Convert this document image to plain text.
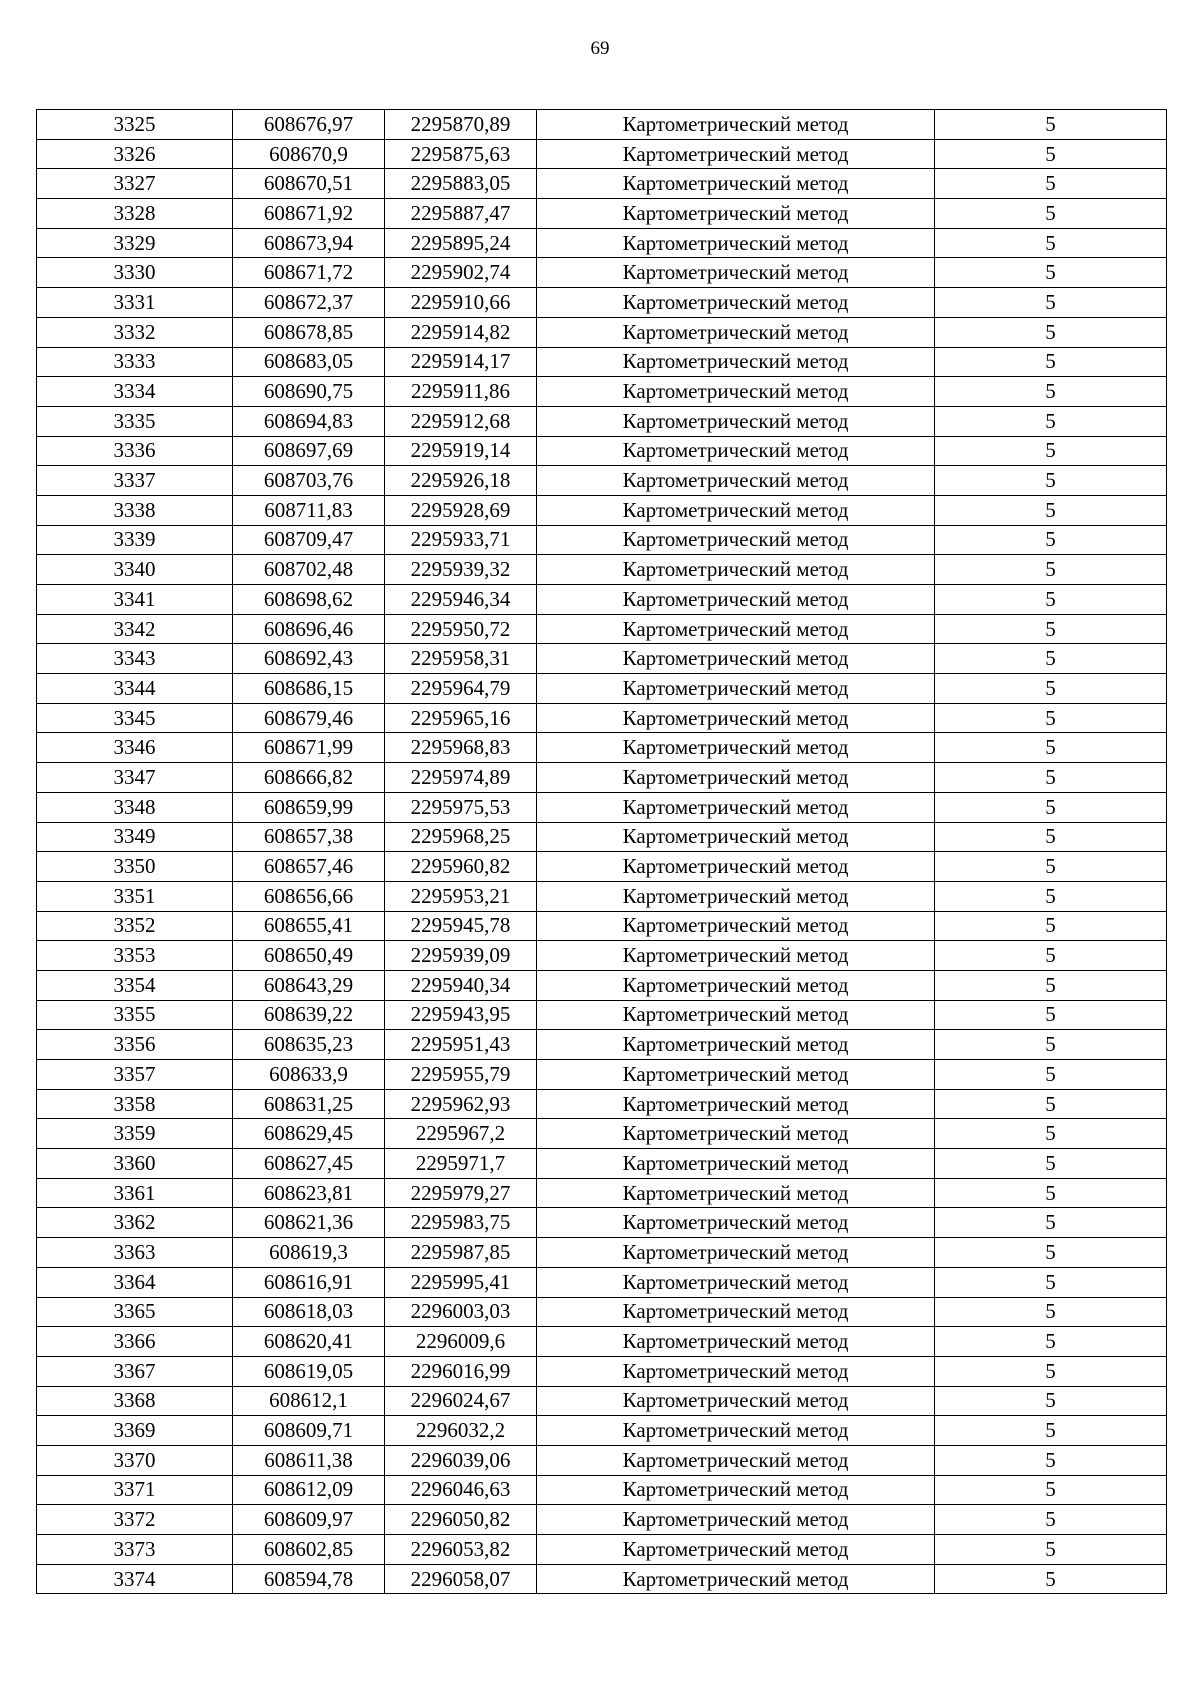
69
3325	608676,97	2295870,89	Картометрический метод	5
3326	608670,9	2295875,63	Картометрический метод	5
3327	608670,51	2295883,05	Картометрический метод	5
3328	608671,92	2295887,47	Картометрический метод	5
3329	608673,94	2295895,24	Картометрический метод	5
3330	608671,72	2295902,74	Картометрический метод	5
3331	608672,37	2295910,66	Картометрический метод	5
3332	608678,85	2295914,82	Картометрический метод	5
3333	608683,05	2295914,17	Картометрический метод	5
3334	608690,75	2295911,86	Картометрический метод	5
3335	608694,83	2295912,68	Картометрический метод	5
3336	608697,69	2295919,14	Картометрический метод	5
3337	608703,76	2295926,18	Картометрический метод	5
3338	608711,83	2295928,69	Картометрический метод	5
3339	608709,47	2295933,71	Картометрический метод	5
3340	608702,48	2295939,32	Картометрический метод	5
3341	608698,62	2295946,34	Картометрический метод	5
3342	608696,46	2295950,72	Картометрический метод	5
3343	608692,43	2295958,31	Картометрический метод	5
3344	608686,15	2295964,79	Картометрический метод	5
3345	608679,46	2295965,16	Картометрический метод	5
3346	608671,99	2295968,83	Картометрический метод	5
3347	608666,82	2295974,89	Картометрический метод	5
3348	608659,99	2295975,53	Картометрический метод	5
3349	608657,38	2295968,25	Картометрический метод	5
3350	608657,46	2295960,82	Картометрический метод	5
3351	608656,66	2295953,21	Картометрический метод	5
3352	608655,41	2295945,78	Картометрический метод	5
3353	608650,49	2295939,09	Картометрический метод	5
3354	608643,29	2295940,34	Картометрический метод	5
3355	608639,22	2295943,95	Картометрический метод	5
3356	608635,23	2295951,43	Картометрический метод	5
3357	608633,9	2295955,79	Картометрический метод	5
3358	608631,25	2295962,93	Картометрический метод	5
3359	608629,45	2295967,2	Картометрический метод	5
3360	608627,45	2295971,7	Картометрический метод	5
3361	608623,81	2295979,27	Картометрический метод	5
3362	608621,36	2295983,75	Картометрический метод	5
3363	608619,3	2295987,85	Картометрический метод	5
3364	608616,91	2295995,41	Картометрический метод	5
3365	608618,03	2296003,03	Картометрический метод	5
3366	608620,41	2296009,6	Картометрический метод	5
3367	608619,05	2296016,99	Картометрический метод	5
3368	608612,1	2296024,67	Картометрический метод	5
3369	608609,71	2296032,2	Картометрический метод	5
3370	608611,38	2296039,06	Картометрический метод	5
3371	608612,09	2296046,63	Картометрический метод	5
3372	608609,97	2296050,82	Картометрический метод	5
3373	608602,85	2296053,82	Картометрический метод	5
3374	608594,78	2296058,07	Картометрический метод	5
